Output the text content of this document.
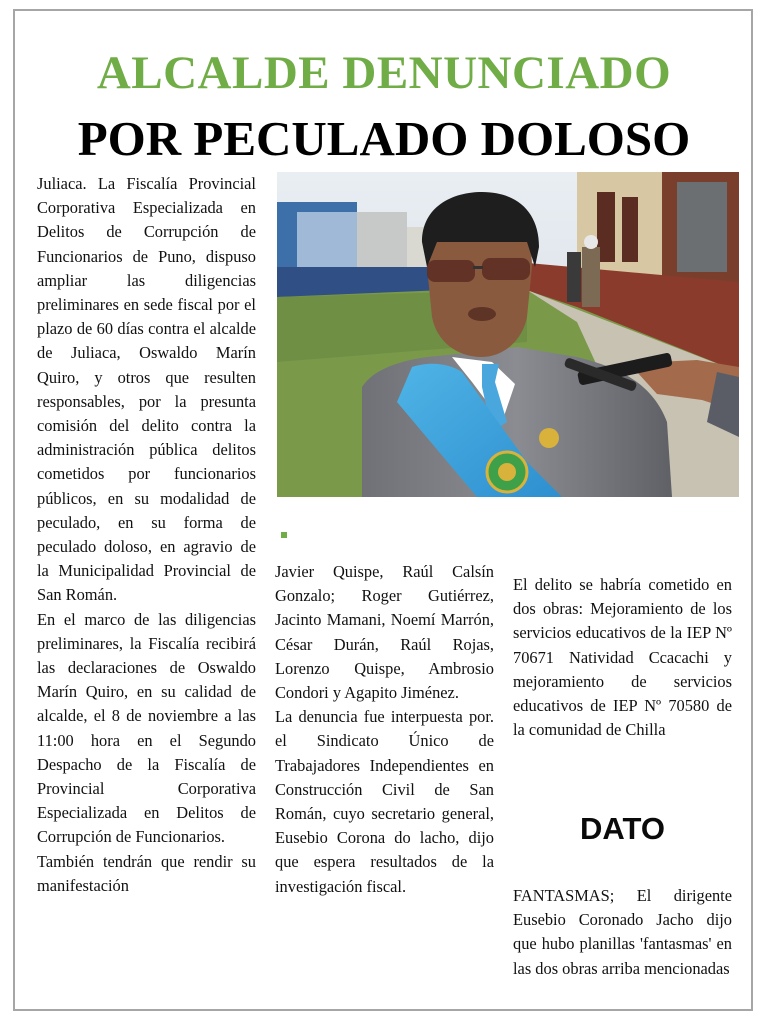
ALCALDE DENUNCIADO
POR PECULADO DOLOSO

Juliaca. La Fiscalía Provincial Corporativa Especializada en Delitos de Corrupción de Funcionarios de Puno, dispuso ampliar las diligencias preliminares en sede fiscal por el plazo de 60 días contra el alcalde de Juliaca, Oswaldo Marín Quiro, y otros que resulten responsables, por la presunta comisión del delito contra la administración pública delitos cometidos por funcionarios públicos, en su modalidad de peculado, en su forma de peculado doloso, en agravio de la Municipalidad Provincial de San Román.

En el marco de las diligencias preliminares, la Fiscalía recibirá las declaraciones de Oswaldo Marín Quiro, en su calidad de alcalde, el 8 de noviembre a las 11:00 hora en el Segundo Despacho de la Fiscalía de Provincial Corporativa Especializada en Delitos de Corrupción de Funcionarios.

También tendrán que rendir su manifestación

Javier Quispe, Raúl Calsín Gonzalo; Roger Gutiérrez, Jacinto Mamani, Noemí Marrón, César Durán, Raúl Rojas, Lorenzo Quispe, Ambrosio Condori y Agapito Jiménez.

La denuncia fue interpuesta por. el Sindicato Único de Trabajadores Independientes en Construcción Civil de San Román, cuyo secretario general, Eusebio Corona do lacho, dijo que espera resultados de la investigación fiscal.

El delito se habría cometido en dos obras: Mejoramiento de los servicios educativos de la IEP Nº 70671 Natividad Ccacachi y mejoramiento de servicios educativos de IEP Nº 70580 de la comunidad de Chilla

DATO

FANTASMAS; El dirigente Eusebio Coronado Jacho dijo que hubo planillas 'fantasmas' en las dos obras arriba mencionadas
